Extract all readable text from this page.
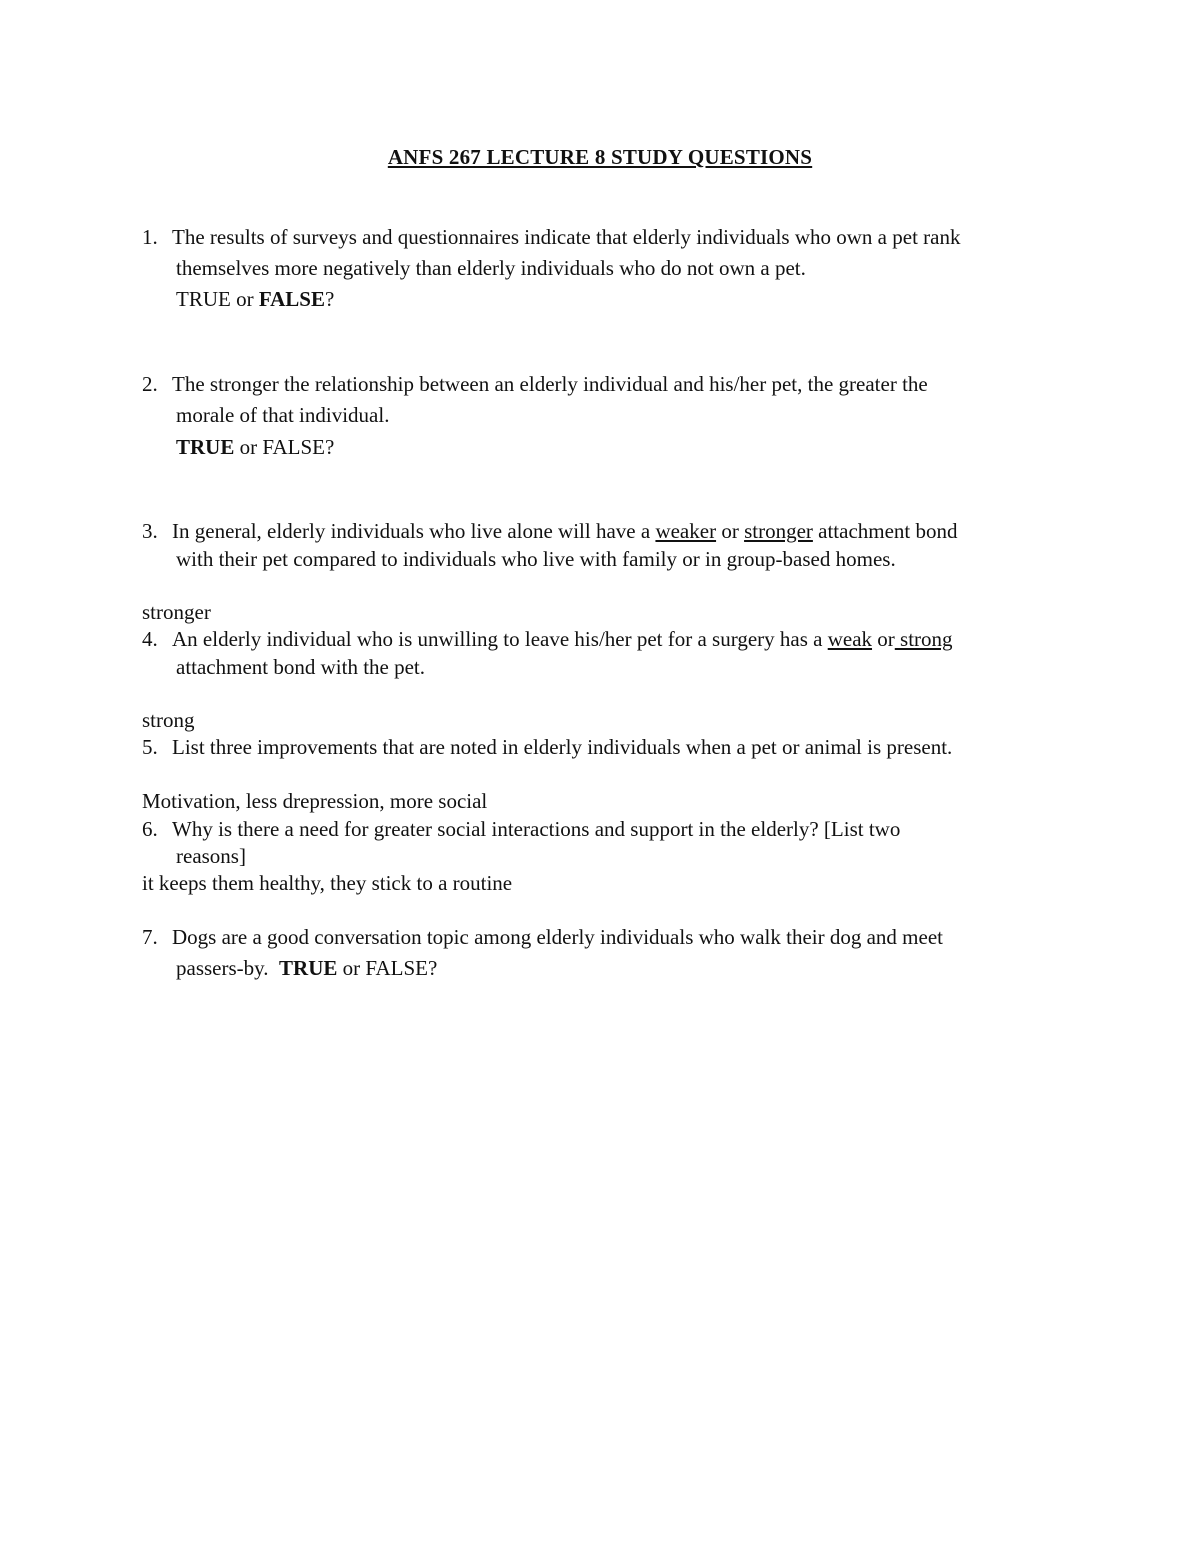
ANFS 267 LECTURE 8 STUDY QUESTIONS
1. The results of surveys and questionnaires indicate that elderly individuals who own a pet rank
themselves more negatively than elderly individuals who do not own a pet.
TRUE or FALSE?
2. The stronger the relationship between an elderly individual and his/her pet, the greater the
morale of that individual.
TRUE or FALSE?
3. In general, elderly individuals who live alone will have a weaker or stronger attachment bond
with their pet compared to individuals who live with family or in group-based homes.
stronger
4. An elderly individual who is unwilling to leave his/her pet for a surgery has a weak or strong
attachment bond with the pet.
strong
5. List three improvements that are noted in elderly individuals when a pet or animal is present.
Motivation, less drepression, more social
6. Why is there a need for greater social interactions and support in the elderly? [List two
reasons]
it keeps them healthy, they stick to a routine
7. Dogs are a good conversation topic among elderly individuals who walk their dog and meet
passers-by.  TRUE or FALSE?
